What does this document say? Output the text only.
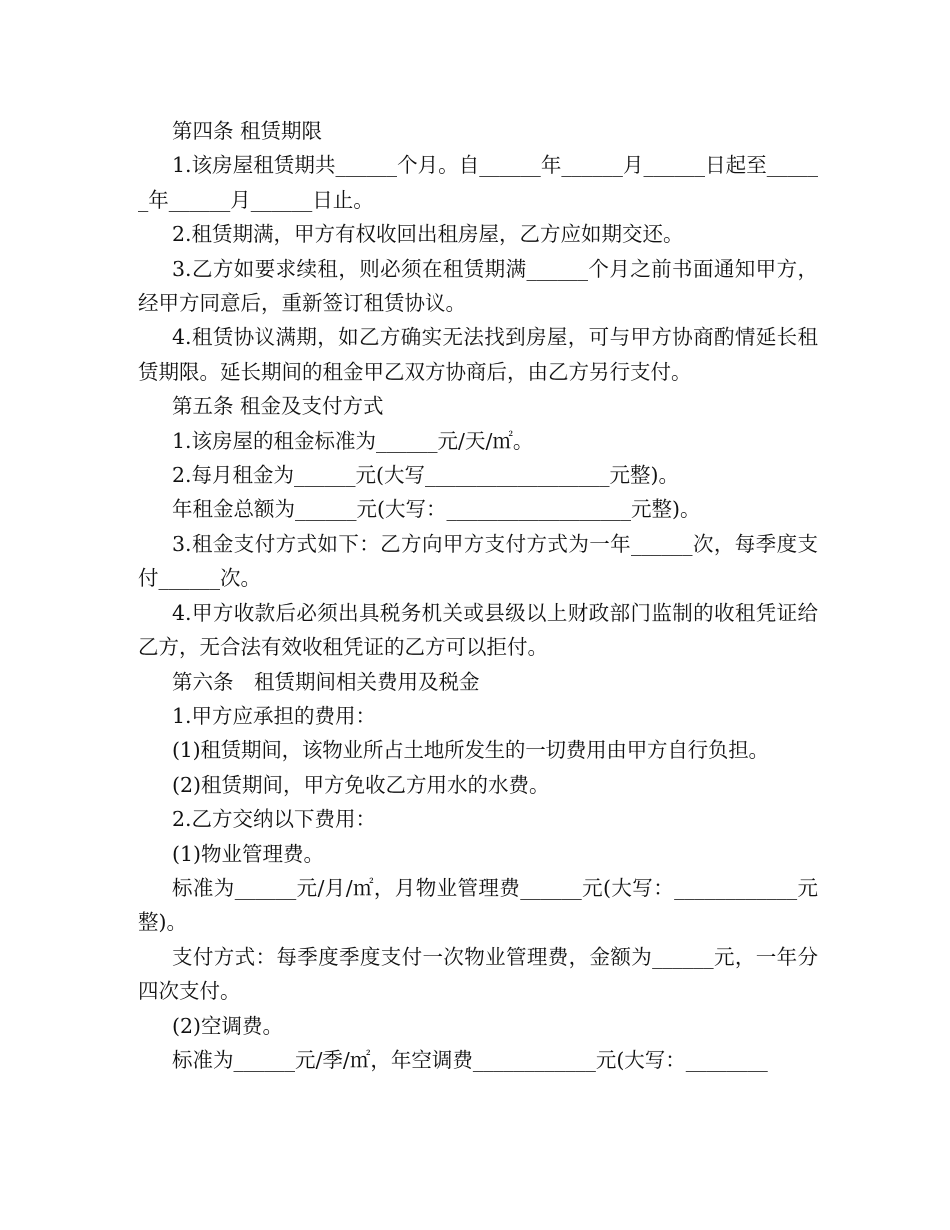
第四条 租赁期限

1.该房屋租赁期共______个月。自______年______月______日起至______年______月______日止。

2.租赁期满，甲方有权收回出租房屋，乙方应如期交还。

3.乙方如要求续租，则必须在租赁期满______个月之前书面通知甲方，经甲方同意后，重新签订租赁协议。

4.租赁协议满期，如乙方确实无法找到房屋，可与甲方协商酌情延长租赁期限。延长期间的租金甲乙双方协商后，由乙方另行支付。

第五条 租金及支付方式

1.该房屋的租金标准为______元/天/㎡。

2.每月租金为______元(大写__________________元整)。

年租金总额为______元(大写：__________________元整)。

3.租金支付方式如下：乙方向甲方支付方式为一年______次，每季度支付______次。

4.甲方收款后必须出具税务机关或县级以上财政部门监制的收租凭证给乙方，无合法有效收租凭证的乙方可以拒付。

第六条　租赁期间相关费用及税金

1.甲方应承担的费用：

(1)租赁期间，该物业所占土地所发生的一切费用由甲方自行负担。

(2)租赁期间，甲方免收乙方用水的水费。

2.乙方交纳以下费用：

(1)物业管理费。

标准为______元/月/㎡，月物业管理费______元(大写：____________元整)。

支付方式：每季度季度支付一次物业管理费，金额为______元，一年分四次支付。

(2)空调费。

标准为______元/季/㎡，年空调费____________元(大写：________
